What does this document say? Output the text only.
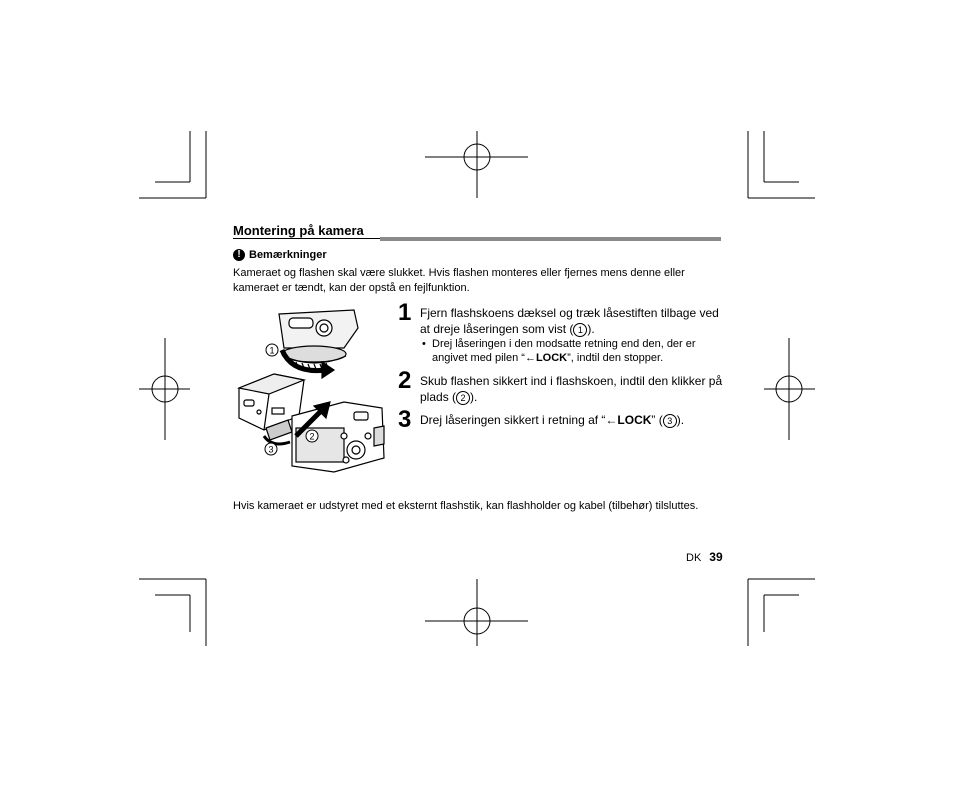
Montering på kamera
! Bemærkninger
Kameraet og flashen skal være slukket. Hvis flashen monteres eller fjernes mens denne eller kameraet er tændt, kan der opstå en fejlfunktion.
1
2
3
1 Fjern flashskoens dæksel og træk låsestiften tilbage ved at dreje låseringen som vist ( 1 ).
• Drej låseringen i den modsatte retning end den, der er angivet med pilen “←LOCK”, indtil den stopper.
2 Skub flashen sikkert ind i flashskoen, indtil den klikker på plads ( 2 ).
3 Drej låseringen sikkert i retning af “←LOCK” ( 3 ).
Hvis kameraet er udstyret med et eksternt flashstik, kan flashholder og kabel (tilbehør) tilsluttes.
DK 39
